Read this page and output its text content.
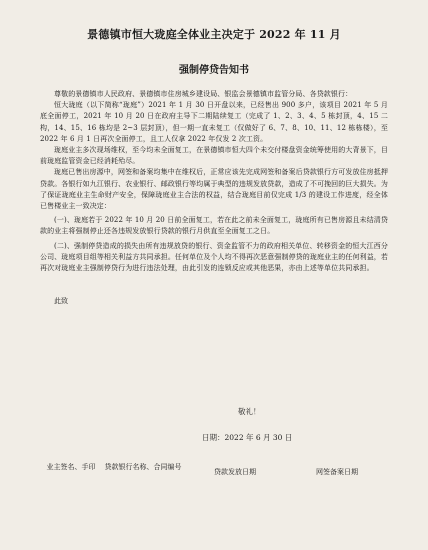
景德镇市恒大珑庭全体业主决定于 2022 年 11 月
强制停贷告知书

尊敬的景德镇市人民政府、景德镇市住房城乡建设局、银监会景德镇市监管分局、各贷款银行：

恒大珑庭（以下简称“珑庭”）2021 年 1 月 30 日开盘以来，已经售出 900 多户，该项目 2021 年 5 月底全面停工，2021 年 10 月 20 日在政府主导下二期陆续复工（完成了 1、2、3、4、5 栋封顶，4、15 二构，14、15、16 栋均是 2~3 层封顶），但一期一直未复工（仅做好了 6、7、8、10、11、12 栋栋楼），至 2022 年 6 月 1 日再次全面停工，且工人仅拿 2022 年仅发 2 次工资。

珑庭业主多次现场维权，至今均未全面复工，在景德镇市恒大四个未交付楼盘资金统筹使用的大背景下，目前珑庭监管资金已经消耗殆尽。

珑庭已售出房源中，网签和备案均集中在维权后，正常应该先完成网签和备案后贷款银行方可发放住房抵押贷款。各银行如九江银行、农业银行、邮政银行等均属于典型的违规发放贷款，造成了不可挽回的巨大损失。为了保证珑庭业主生命财产安全，保障珑庭业主合法的权益，结合珑庭目前仅完成 1/3 的建设工作进度，经全体已售楼业主一致决定：

(一)、珑庭若于 2022 年 10 月 20 日前全面复工，若在此之前未全面复工，珑庭所有已售房源且未结清贷款的业主将强制停止还各违规发放银行贷款的银行月供直至全面复工之日。

(二)、强制停贷造成的损失由所有违规放贷的银行、资金监管不力的政府相关单位、转移资金的恒大江西分公司、珑庭项目组等相关利益方共同承担。任何单位及个人均不得再次恶意强制停贷的珑庭业主的任何利益，若再次对珑庭业主强制停贷行为进行违法处理，由此引发的连锁反应或其他恶果，亦由上述等单位共同承担。

此致
敬礼！
日期：2022 年 6 月 30 日
业主签名、手印	贷款银行名称、合同编号
贷款发放日期	网签备案日期
